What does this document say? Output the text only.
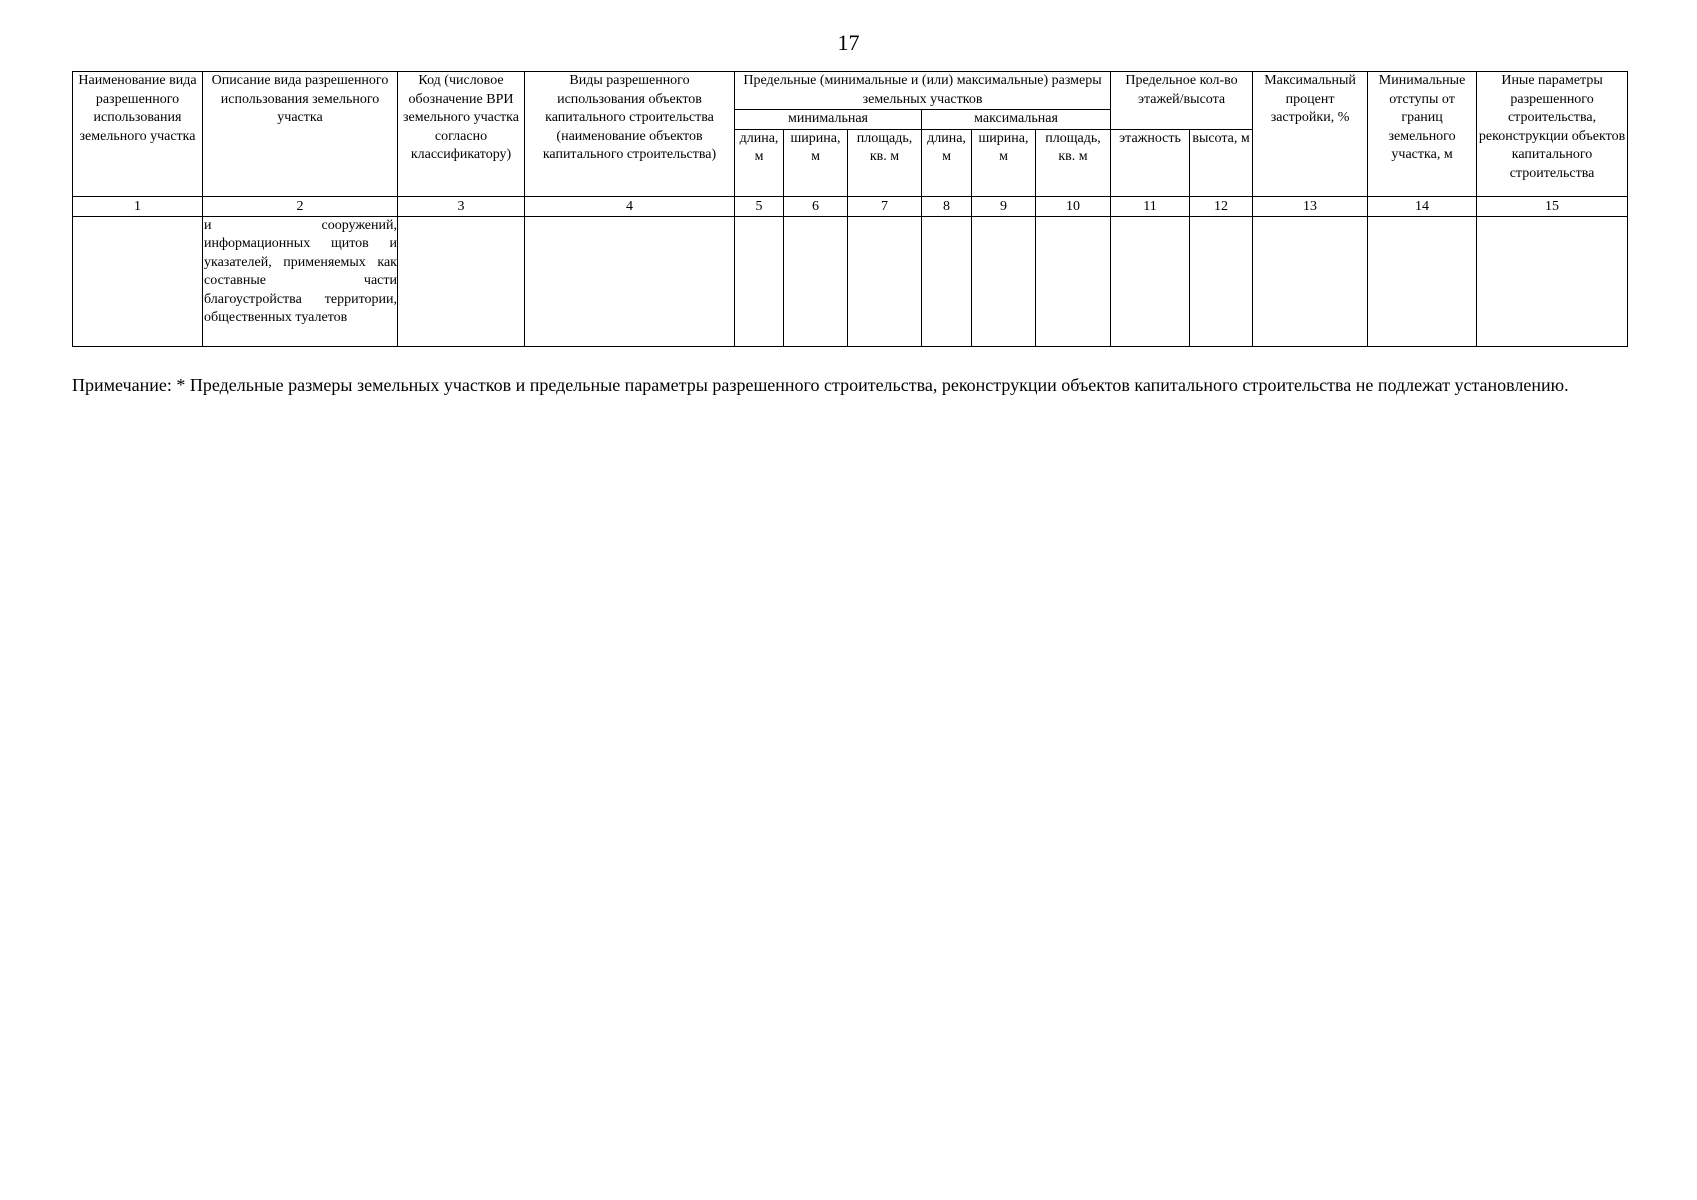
17
Наименование вида разрешенного использования земельного участка	Описание вида разрешенного использования земельного участка	Код (числовое обозначение ВРИ земельного участка согласно классификатору)	Виды разрешенного использования объектов капитального строительства (наименование объектов капитального строительства)	Предельные (минимальные и (или) максимальные) размеры земельных участков						Предельное кол-во этажей/высота		Максимальный процент застройки, %	Минимальные отступы от границ земельного участка, м	Иные параметры разрешенного строительства, реконструкции объектов капитального строительства
				минимальная			максимальная							
				длина, м	ширина, м	площадь, кв. м	длина, м	ширина, м	площадь, кв. м	этажность	высота, м			

1	2	3	4	5	6	7	8	9	10	11	12	13	14	15
	и сооружений, информационных щитов и указателей, применяемых как составные части благоустройства территории, общественных туалетов													
Примечание: * Предельные размеры земельных участков и предельные параметры разрешенного строительства, реконструкции объектов капитального строительства не подлежат установлению.
